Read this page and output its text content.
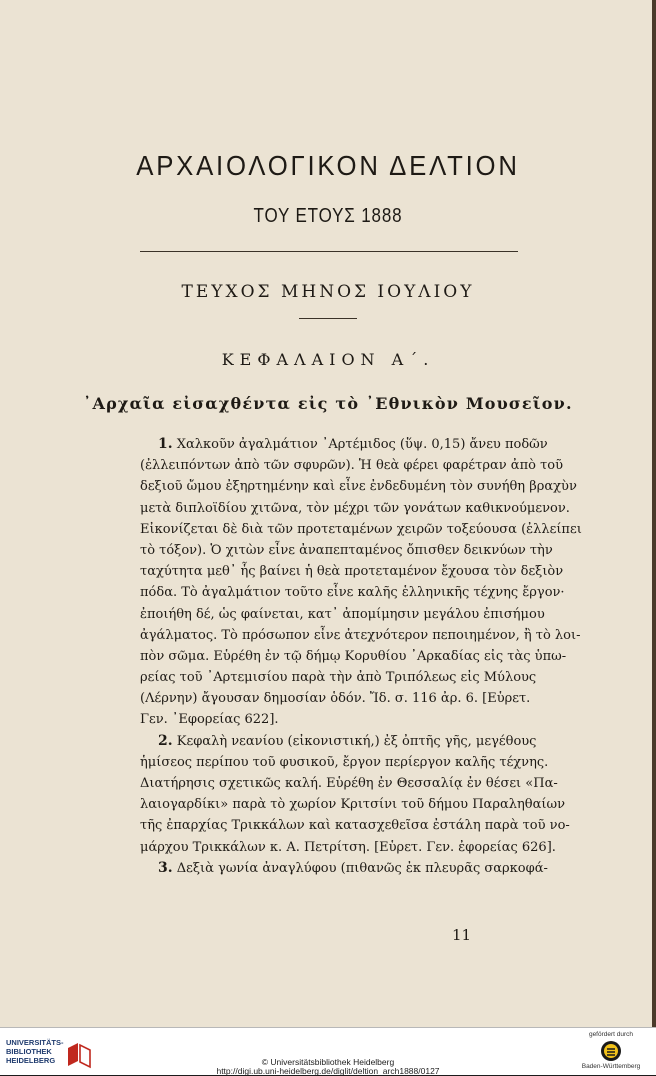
ΑΡΧΑΙΟΛΟΓΙΚΟΝ ΔΕΛΤΙΟΝ
ΤΟΥ ΕΤΟΥΣ 1888
ΤΕΥΧΟΣ ΜΗΝΟΣ ΙΟΥΛΙΟΥ
ΚΕΦΑΛΑΙΟΝ Α΄.
᾿Αρχαῖα εἰσαχθέντα εἰς τὸ ᾿Εθνικὸν Μουσεῖον.
1. Χαλκοῦν ἀγαλμάτιον ᾿Αρτέμιδος (ὕψ. 0,15) ἄνευ ποδῶν
(ἐλλειπόντων ἀπὸ τῶν σφυρῶν). Ἡ θεὰ φέρει φαρέτραν ἀπὸ τοῦ
δεξιοῦ ὤμου ἐξηρτημένην καὶ εἶνε ἐνδεδυμένη τὸν συνήθη βραχὺν
μετὰ διπλοϊδίου χιτῶνα, τὸν μέχρι τῶν γονάτων καθικνούμενον.
Εἰκονίζεται δὲ διὰ τῶν προτεταμένων χειρῶν τοξεύουσα (ἐλλείπει
τὸ τόξον). Ὁ χιτὼν εἶνε ἀναπεπταμένος ὄπισθεν δεικνύων τὴν
ταχύτητα μεθ᾿ ἧς βαίνει ἡ θεὰ προτεταμένον ἔχουσα τὸν δεξιὸν
πόδα. Τὸ ἀγαλμάτιον τοῦτο εἶνε καλῆς ἑλληνικῆς τέχνης ἔργον·
ἐποιήθη δέ, ὡς φαίνεται, κατ᾿ ἀπομίμησιν μεγάλου ἐπισήμου
ἀγάλματος. Τὸ πρόσωπον εἶνε ἀτεχνότερον πεποιημένον, ἢ τὸ λοι-
πὸν σῶμα. Εὑρέθη ἐν τῷ δήμῳ Κορυθίου ᾿Αρκαδίας εἰς τὰς ὑπω-
ρείας τοῦ ᾿Αρτεμισίου παρὰ τὴν ἀπὸ Τριπόλεως εἰς Μύλους
(Λέρνην) ἄγουσαν δημοσίαν ὁδόν. Ἴδ. σ. 116 ἀρ. 6. [Εὑρετ.
Γεν. ᾿Εφορείας 622].
2. Κεφαλὴ νεανίου (εἰκονιστική,) ἐξ ὀπτῆς γῆς, μεγέθους
ἡμίσεος περίπου τοῦ φυσικοῦ, ἔργον περίεργον καλῆς τέχνης.
Διατήρησις σχετικῶς καλή. Εὑρέθη ἐν Θεσσαλίᾳ ἐν θέσει «Πα-
λαιογαρδίκι» παρὰ τὸ χωρίον Κριτσίνι τοῦ δήμου Παραληθαίων
τῆς ἐπαρχίας Τρικκάλων καὶ κατασχεθεῖσα ἐστάλη παρὰ τοῦ νο-
μάρχου Τρικκάλων κ. Α. Πετρίτση. [Εὑρετ. Γεν. ἐφορείας 626].
3. Δεξιὰ γωνία ἀναγλύφου (πιθανῶς ἐκ πλευρᾶς σαρκοφά-
11
UNIVERSITÄTS-
BIBLIOTHEK
HEIDELBERG	© Universitätsbibliothek Heidelberg
http://digi.ub.uni-heidelberg.de/diglit/deltion_arch1888/0127
gefördert durch
Baden-Württemberg
